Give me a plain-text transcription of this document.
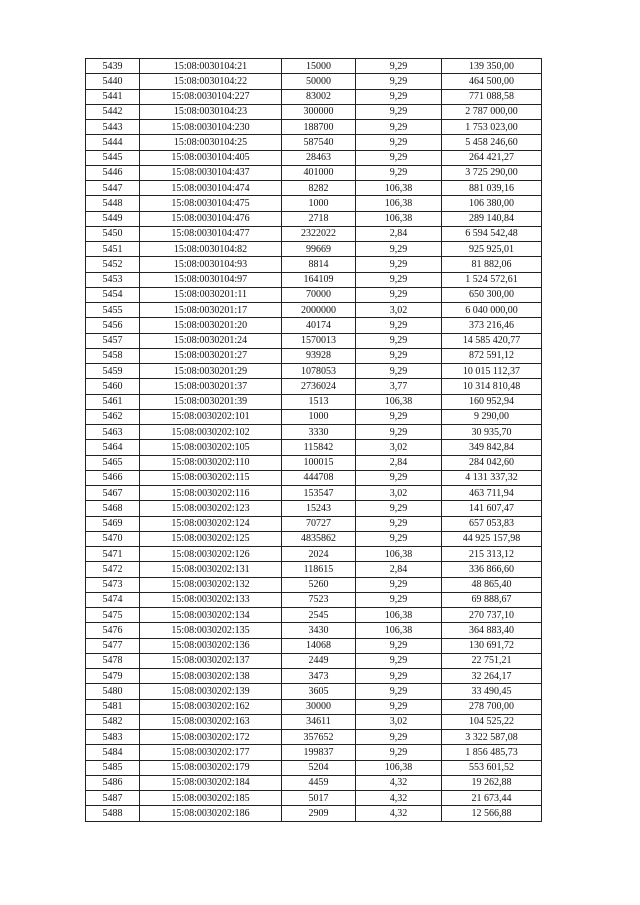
5439	15:08:0030104:21	15000	9,29	139 350,00
5440	15:08:0030104:22	50000	9,29	464 500,00
5441	15:08:0030104:227	83002	9,29	771 088,58
5442	15:08:0030104:23	300000	9,29	2 787 000,00
5443	15:08:0030104:230	188700	9,29	1 753 023,00
5444	15:08:0030104:25	587540	9,29	5 458 246,60
5445	15:08:0030104:405	28463	9,29	264 421,27
5446	15:08:0030104:437	401000	9,29	3 725 290,00
5447	15:08:0030104:474	8282	106,38	881 039,16
5448	15:08:0030104:475	1000	106,38	106 380,00
5449	15:08:0030104:476	2718	106,38	289 140,84
5450	15:08:0030104:477	2322022	2,84	6 594 542,48
5451	15:08:0030104:82	99669	9,29	925 925,01
5452	15:08:0030104:93	8814	9,29	81 882,06
5453	15:08:0030104:97	164109	9,29	1 524 572,61
5454	15:08:0030201:11	70000	9,29	650 300,00
5455	15:08:0030201:17	2000000	3,02	6 040 000,00
5456	15:08:0030201:20	40174	9,29	373 216,46
5457	15:08:0030201:24	1570013	9,29	14 585 420,77
5458	15:08:0030201:27	93928	9,29	872 591,12
5459	15:08:0030201:29	1078053	9,29	10 015 112,37
5460	15:08:0030201:37	2736024	3,77	10 314 810,48
5461	15:08:0030201:39	1513	106,38	160 952,94
5462	15:08:0030202:101	1000	9,29	9 290,00
5463	15:08:0030202:102	3330	9,29	30 935,70
5464	15:08:0030202:105	115842	3,02	349 842,84
5465	15:08:0030202:110	100015	2,84	284 042,60
5466	15:08:0030202:115	444708	9,29	4 131 337,32
5467	15:08:0030202:116	153547	3,02	463 711,94
5468	15:08:0030202:123	15243	9,29	141 607,47
5469	15:08:0030202:124	70727	9,29	657 053,83
5470	15:08:0030202:125	4835862	9,29	44 925 157,98
5471	15:08:0030202:126	2024	106,38	215 313,12
5472	15:08:0030202:131	118615	2,84	336 866,60
5473	15:08:0030202:132	5260	9,29	48 865,40
5474	15:08:0030202:133	7523	9,29	69 888,67
5475	15:08:0030202:134	2545	106,38	270 737,10
5476	15:08:0030202:135	3430	106,38	364 883,40
5477	15:08:0030202:136	14068	9,29	130 691,72
5478	15:08:0030202:137	2449	9,29	22 751,21
5479	15:08:0030202:138	3473	9,29	32 264,17
5480	15:08:0030202:139	3605	9,29	33 490,45
5481	15:08:0030202:162	30000	9,29	278 700,00
5482	15:08:0030202:163	34611	3,02	104 525,22
5483	15:08:0030202:172	357652	9,29	3 322 587,08
5484	15:08:0030202:177	199837	9,29	1 856 485,73
5485	15:08:0030202:179	5204	106,38	553 601,52
5486	15:08:0030202:184	4459	4,32	19 262,88
5487	15:08:0030202:185	5017	4,32	21 673,44
5488	15:08:0030202:186	2909	4,32	12 566,88
